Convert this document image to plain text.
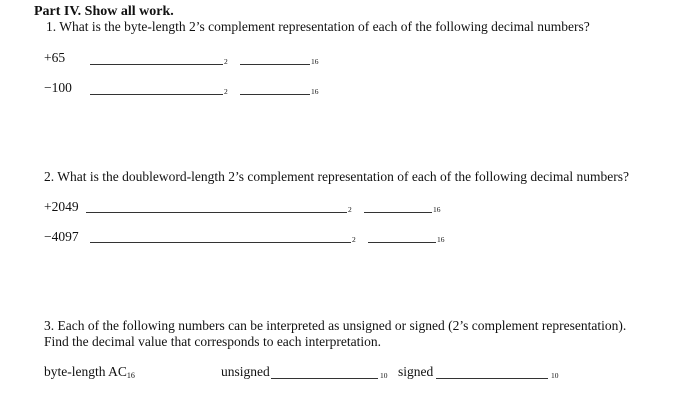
Part IV. Show all work.
1. What is the byte-length 2’s complement representation of each of the following decimal numbers?
+65	2	16
−100	2	16
2. What is the doubleword-length 2’s complement representation of each of the following decimal numbers?
+2049	2	16
−4097	2	16
3. Each of the following numbers can be interpreted as unsigned or signed (2’s complement representation).
Find the decimal value that corresponds to each interpretation.
byte-length $AC_{16}$	unsigned	10 signed	10
